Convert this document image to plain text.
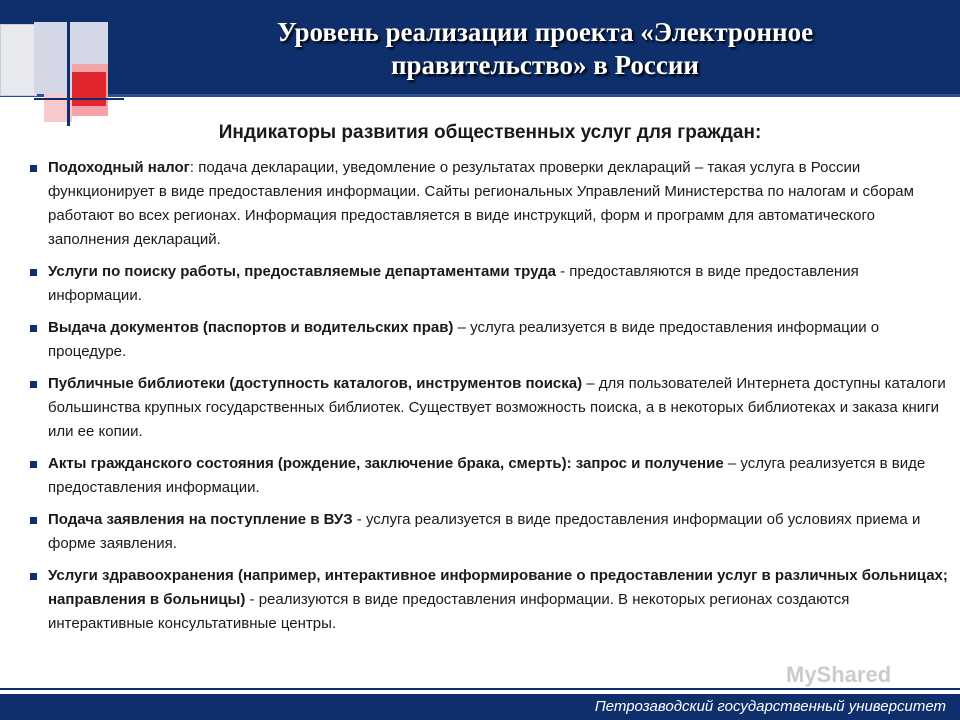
Уровень реализации проекта «Электронное
правительство» в России
Индикаторы развития общественных услуг для граждан:
Подоходный налог: подача декларации, уведомление о результатах проверки деклараций – такая услуга в России функционирует в виде предоставления информации. Сайты региональных Управлений Министерства по налогам и сборам работают во всех регионах. Информация предоставляется в виде инструкций, форм и программ для автоматического заполнения деклараций.
Услуги по поиску работы, предоставляемые департаментами труда - предоставляются в виде предоставления информации.
Выдача документов (паспортов и водительских прав) – услуга реализуется в виде предоставления информации о процедуре.
Публичные библиотеки (доступность каталогов, инструментов поиска) – для пользователей Интернета доступны каталоги большинства крупных государственных библиотек. Существует возможность поиска, а в некоторых библиотеках и заказа книги или ее копии.
Акты гражданского состояния (рождение, заключение брака, смерть): запрос и получение – услуга реализуется в виде предоставления информации.
Подача заявления на поступление в ВУЗ - услуга реализуется в виде предоставления информации об условиях приема и форме заявления.
Услуги здравоохранения (например, интерактивное информирование о предоставлении услуг в различных больницах; направления в больницы) - реализуются в виде предоставления информации. В некоторых регионах создаются интерактивные консультативные центры.
MyShared
Петрозаводский государственный университет
